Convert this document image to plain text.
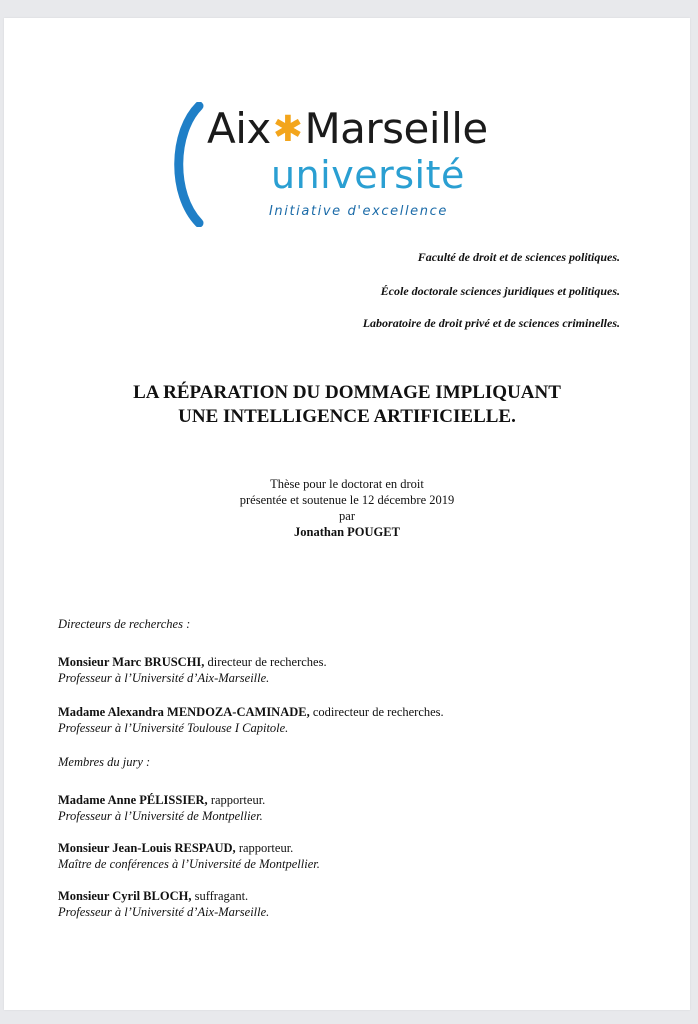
Aix✱Marseille
université
Initiative d'excellence
Faculté de droit et de sciences politiques.
École doctorale sciences juridiques et politiques.
Laboratoire de droit privé et de sciences criminelles.
LA RÉPARATION DU DOMMAGE IMPLIQUANT
UNE INTELLIGENCE ARTIFICIELLE.
Thèse pour le doctorat en droit
présentée et soutenue le 12 décembre 2019
par
Jonathan POUGET
Directeurs de recherches :
Monsieur Marc BRUSCHI, directeur de recherches.
Professeur à l’Université d’Aix-Marseille.
Madame Alexandra MENDOZA-CAMINADE, codirecteur de recherches.
Professeur à l’Université Toulouse I Capitole.
Membres du jury :
Madame Anne PÉLISSIER, rapporteur.
Professeur à l’Université de Montpellier.
Monsieur Jean-Louis RESPAUD, rapporteur.
Maître de conférences à l’Université de Montpellier.
Monsieur Cyril BLOCH, suffragant.
Professeur à l’Université d’Aix-Marseille.
